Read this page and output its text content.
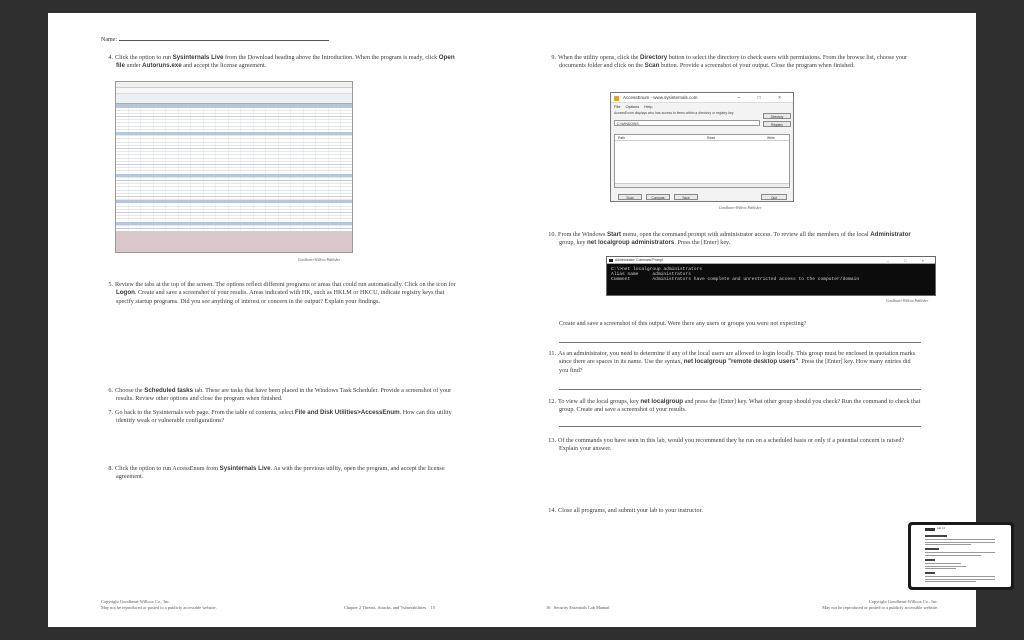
Name:
4. Click the option to run Sysinternals Live from the Download heading above the Introduction. When the program is ready, click Open file under Autoruns.exe and accept the license agreement.
Goodheart-Willcox Publisher
5. Review the tabs at the top of the screen. The options reflect different programs or areas that could run automatically. Click on the icon for Logon. Create and save a screenshot of your results. Areas indicated with HK, such as HKLM or HKCU, indicate registry keys that specify startup programs. Did you see anything of interest or concern in the output? Explain your findings.
6. Choose the Scheduled tasks tab. These are tasks that have been placed in the Windows Task Scheduler. Provide a screenshot of your results. Review other options and close the program when finished.
7. Go back to the Sysinternals web page. From the table of contents, select File and Disk Utilities>AccessEnum. How can this utility identify weak or vulnerable configurations?
8. Click the option to run AccessEnum from Sysinternals Live. As with the previous utility, open the program, and accept the license agreement.
Copyright Goodheart-Willcox Co., Inc.
May not be reproduced or posted to a publicly accessible website.	Chapter 2 Threats, Attacks, and Vulnerabilities 15
9. When the utility opens, click the Directory button to select the directory to check users with permissions. From the browse list, choose your documents folder and click on the Scan button. Provide a screenshot of your output. Close the program when finished.
AccessEnum - www.sysinternals.com	– □ ×
File Options Help
AccessEnum displays who has access to items within a directory or registry key.
C:\WINDOWS
Directory
Registry
Path	Read	Write
Scan	Compare	Save	Quit
Goodheart-Willcox Publisher
10. From the Windows Start menu, open the command prompt with administrator access. To review all the members of the local Administrator group, key net localgroup administrators. Press the [Enter] key.
Administrator: Command Prompt	– □ ×
C:\>net localgroup administrators
Alias name     administrators
Comment        Administrators have complete and unrestricted access to the computer/domain
Goodheart-Willcox Publisher
Create and save a screenshot of this output. Were there any users or groups you were not expecting?
11. As an administrator, you need to determine if any of the local users are allowed to login locally. This group must be enclosed in quotation marks since there are spaces in its name. Use the syntax, net localgroup "remote desktop users". Press the [Enter] key. How many entries did you find?
12. To view all the local groups, key net localgroup and press the [Enter] key. What other group should you check? Run the command to check that group. Create and save a screenshot of your results.
13. Of the commands you have seen in this lab, would you recommend they be run on a scheduled basis or only if a potential concern is raised? Explain your answer.
14. Close all programs, and submit your lab to your instructor.
16 Security Essentials Lab Manual
Copyright Goodheart-Willcox Co., Inc.
May not be reproduced or posted to a publicly accessible website.
Lab 2.2
